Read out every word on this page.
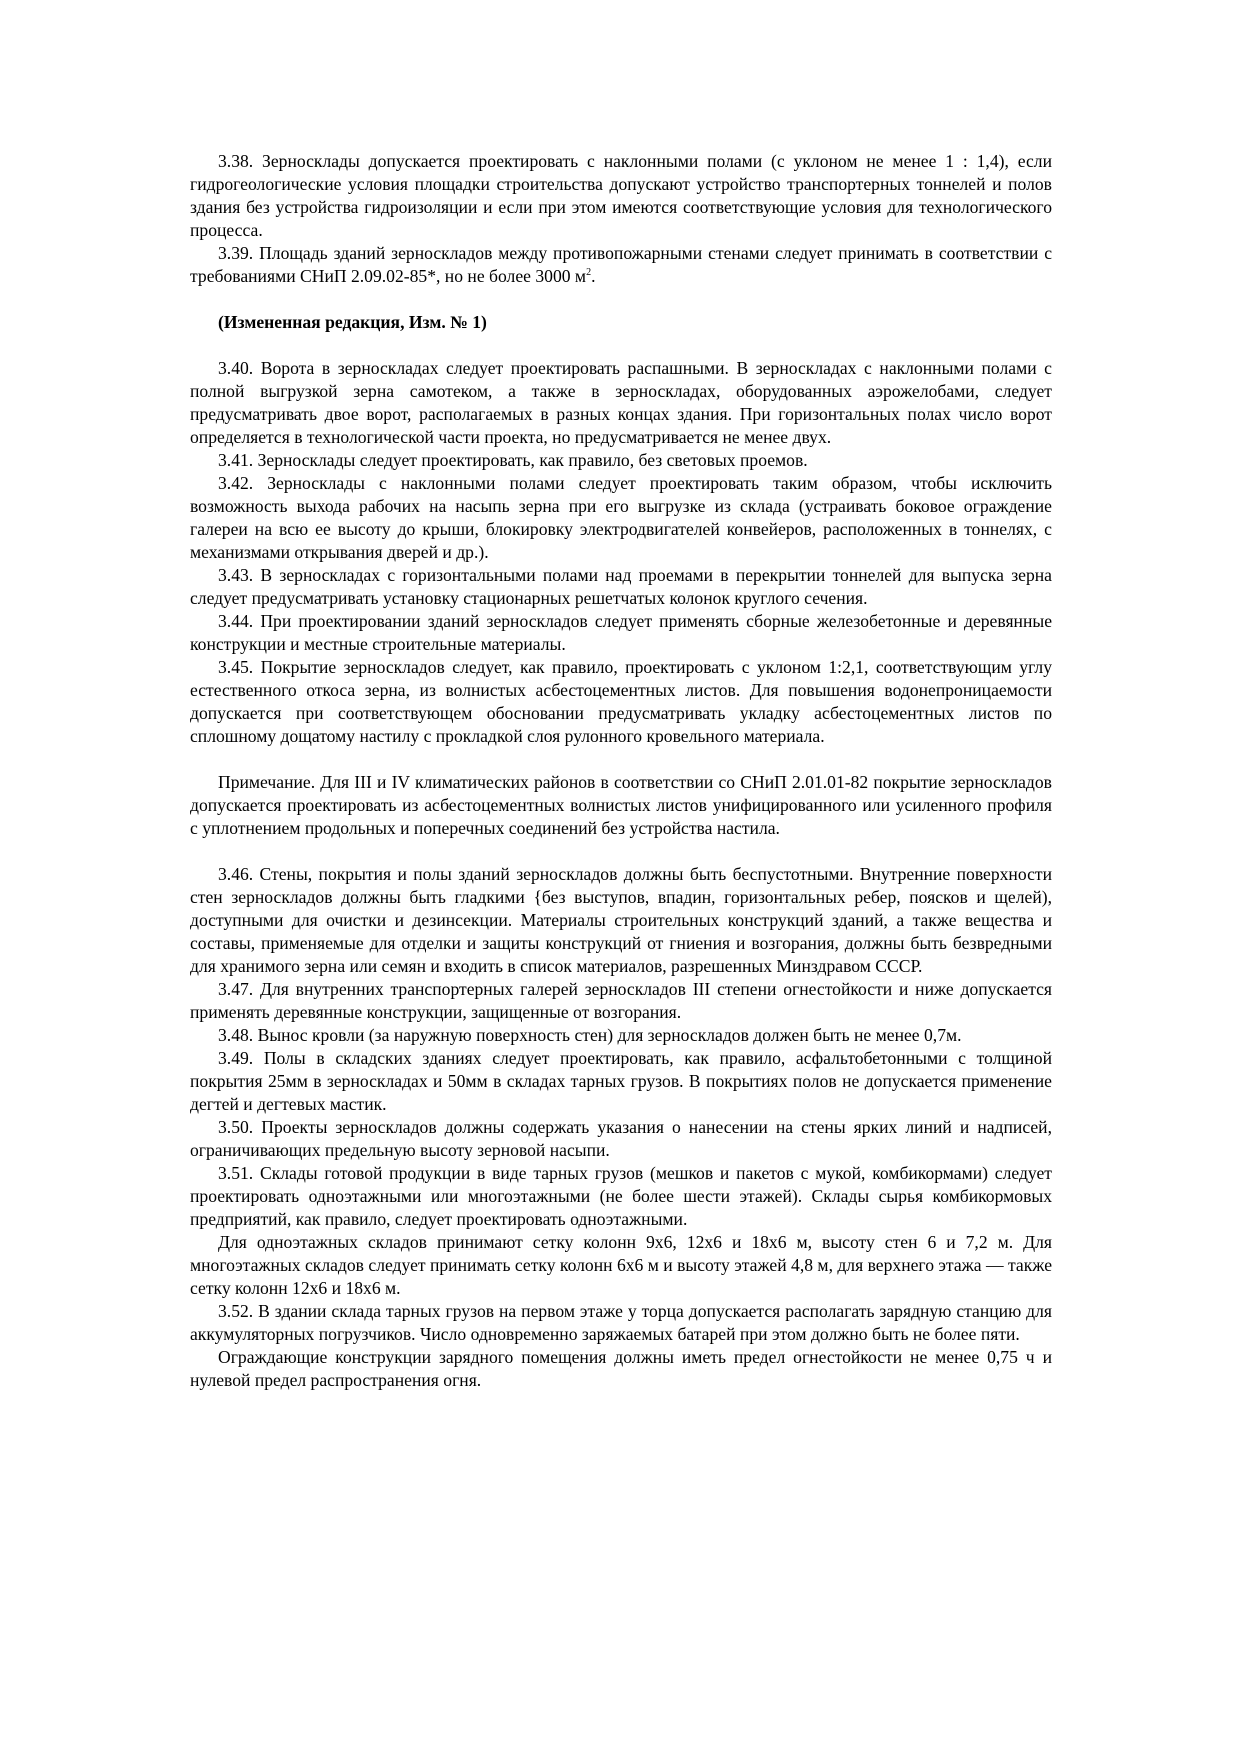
3.38. Зерносклады допускается проектировать с наклонными полами (с уклоном не менее 1 : 1,4), если гидрогеологические условия площадки строительства допускают устройство транспортерных тоннелей и полов здания без устройства гидроизоляции и если при этом имеются соответствующие условия для технологического процесса.

3.39. Площадь зданий зерноскладов между противопожарными стенами следует принимать в соответствии с требованиями СНиП 2.09.02-85*, но не более 3000 $м^2$.

(Измененная редакция, Изм. № 1)

3.40. Ворота в зерноскладах следует проектировать распашными. В зерноскладах с наклонными полами с полной выгрузкой зерна самотеком, а также в зерноскладах, оборудованных аэрожелобами, следует предусматривать двое ворот, располагаемых в разных концах здания. При горизонтальных полах число ворот определяется в технологической части проекта, но предусматривается не менее двух.

3.41. Зерносклады следует проектировать, как правило, без световых проемов.

3.42. Зерносклады с наклонными полами следует проектировать таким образом, чтобы исключить возможность выхода рабочих на насыпь зерна при его выгрузке из склада (устраивать боковое ограждение галереи на всю ее высоту до крыши, блокировку электродвигателей конвейеров, расположенных в тоннелях, с механизмами открывания дверей и др.).

3.43. В зерноскладах с горизонтальными полами над проемами в перекрытии тоннелей для выпуска зерна следует предусматривать установку стационарных решетчатых колонок круглого сечения.

3.44. При проектировании зданий зерноскладов следует применять сборные железобетонные и деревянные конструкции и местные строительные материалы.

3.45. Покрытие зерноскладов следует, как правило, проектировать с уклоном 1:2,1, соответствующим углу естественного откоса зерна, из волнистых асбестоцементных листов. Для повышения водонепроницаемости допускается при соответствующем обосновании предусматривать укладку асбестоцементных листов по сплошному дощатому настилу с прокладкой слоя рулонного кровельного материала.

Примечание. Для III и IV климатических районов в соответствии со СНиП 2.01.01-82 покрытие зерноскладов допускается проектировать из асбестоцементных волнистых листов унифицированного или усиленного профиля с уплотнением продольных и поперечных соединений без устройства настила.

3.46. Стены, покрытия и полы зданий зерноскладов должны быть беспустотными. Внутренние поверхности стен зерноскладов должны быть гладкими {без выступов, впадин, горизонтальных ребер, поясков и щелей), доступными для очистки и дезинсекции. Материалы строительных конструкций зданий, а также вещества и составы, применяемые для отделки и защиты конструкций от гниения и возгорания, должны быть безвредными для хранимого зерна или семян и входить в список материалов, разрешенных Минздравом СССР.

3.47. Для внутренних транспортерных галерей зерноскладов III степени огнестойкости и ниже допускается применять деревянные конструкции, защищенные от возгорания.

3.48. Вынос кровли (за наружную поверхность стен) для зерноскладов должен быть не менее 0,7м.

3.49. Полы в складских зданиях следует проектировать, как правило, асфальтобетонными с толщиной покрытия 25мм в зерноскладах и 50мм в складах тарных грузов. В покрытиях полов не допускается применение дегтей и дегтевых мастик.

3.50. Проекты зерноскладов должны содержать указания о нанесении на стены ярких линий и надписей, ограничивающих предельную высоту зерновой насыпи.

3.51. Склады готовой продукции в виде тарных грузов (мешков и пакетов с мукой, комбикормами) следует проектировать одноэтажными или многоэтажными (не более шести этажей). Склады сырья комбикормовых предприятий, как правило, следует проектировать одноэтажными.

Для одноэтажных складов принимают сетку колонн 9х6, 12х6 и 18х6 м, высоту стен 6 и 7,2 м. Для многоэтажных складов следует принимать сетку колонн 6х6 м и высоту этажей 4,8 м, для верхнего этажа — также сетку колонн 12х6 и 18х6 м.

3.52. В здании склада тарных грузов на первом этаже у торца допускается располагать зарядную станцию для аккумуляторных погрузчиков. Число одновременно заряжаемых батарей при этом должно быть не более пяти.

Ограждающие конструкции зарядного помещения должны иметь предел огнестойкости не менее 0,75 ч и нулевой предел распространения огня.
